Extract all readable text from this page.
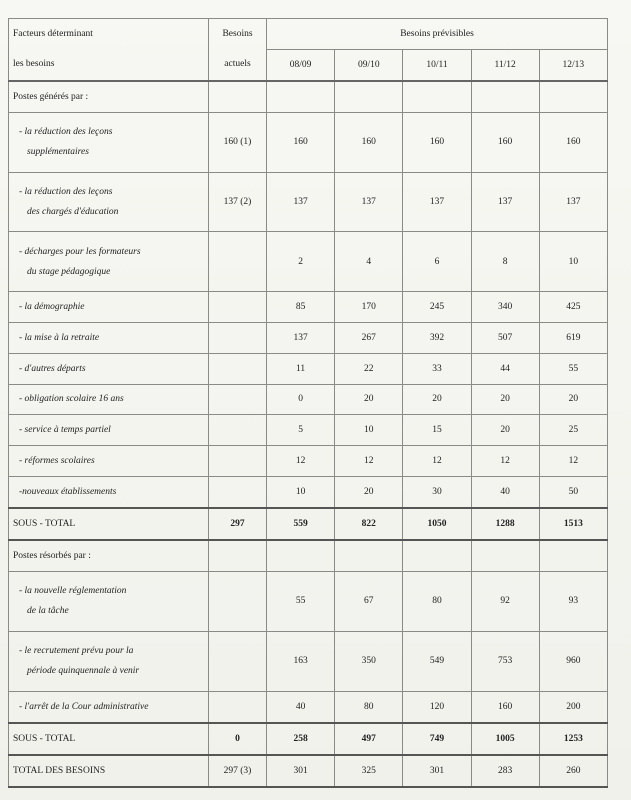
Facteurs déterminant	Besoins	Besoins prévisibles				
les besoins	actuels	08/09	09/10	10/11	11/12	12/13
Postes générés par :						

- la réduction des leçons
supplémentaires	160 (1)	160	160	160	160	160

- la réduction des leçons
des chargés d'éducation	137 (2)	137	137	137	137	137

- décharges pour les formateurs
du stage pédagogique		2	4	6	8	10

- la démographie		85	170	245	340	425

- la mise à la retraite		137	267	392	507	619

- d'autres départs		11	22	33	44	55

- obligation scolaire 16 ans		0	20	20	20	20

- service à temps partiel		5	10	15	20	25

- réformes scolaires		12	12	12	12	12

-nouveaux établissements		10	20	30	40	50
SOUS - TOTAL	297	559	822	1050	1288	1513
Postes résorbés par :						

- la nouvelle réglementation
de la tâche		55	67	80	92	93

- le recrutement prévu pour la
période quinquennale à venir		163	350	549	753	960

- l'arrêt de la Cour administrative		40	80	120	160	200
SOUS - TOTAL	0	258	497	749	1005	1253
TOTAL DES BESOINS	297 (3)	301	325	301	283	260
